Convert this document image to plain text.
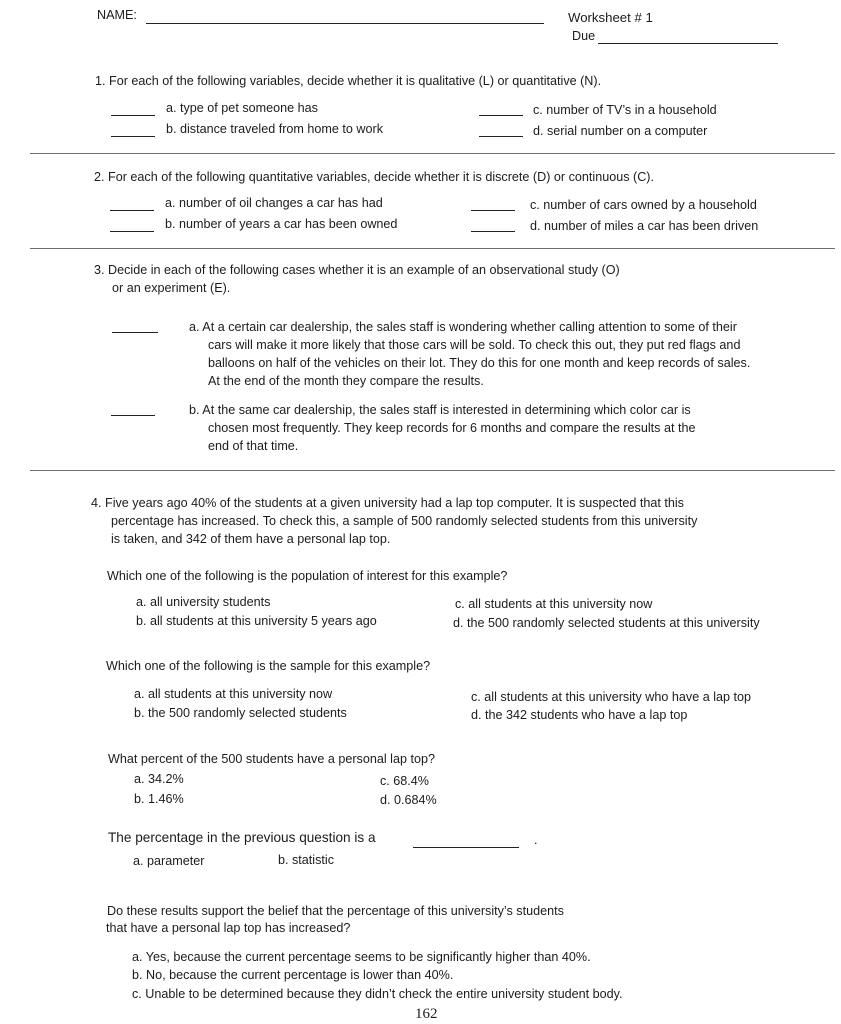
NAME:	Worksheet # 1
Due
1. For each of the following variables, decide whether it is qualitative (L) or quantitative (N).
a. type of pet someone has
b. distance traveled from home to work
c. number of TV’s in a household
d. serial number on a computer
2. For each of the following quantitative variables, decide whether it is discrete (D) or continuous (C).
a. number of oil changes a car has had
b. number of years a car has been owned
c. number of cars owned by a household
d. number of miles a car has been driven
3. Decide in each of the following cases whether it is an example of an observational study (O)
or an experiment (E).
a. At a certain car dealership, the sales staff is wondering whether calling attention to some of their
cars will make it more likely that those cars will be sold. To check this out, they put red flags and
balloons on half of the vehicles on their lot. They do this for one month and keep records of sales.
At the end of the month they compare the results.
b. At the same car dealership, the sales staff is interested in determining which color car is
chosen most frequently. They keep records for 6 months and compare the results at the
end of that time.
4. Five years ago 40% of the students at a given university had a lap top computer. It is suspected that this
percentage has increased. To check this, a sample of 500 randomly selected students from this university
is taken, and 342 of them have a personal lap top.
Which one of the following is the population of interest for this example?
a. all university students
b. all students at this university 5 years ago
c. all students at this university now
d. the 500 randomly selected students at this university
Which one of the following is the sample for this example?
a. all students at this university now
b. the 500 randomly selected students
c. all students at this university who have a lap top
d. the 342 students who have a lap top
What percent of the 500 students have a personal lap top?
a. 34.2%
b. 1.46%
c. 68.4%
d. 0.684%
The percentage in the previous question is a	.
a. parameter	b. statistic
Do these results support the belief that the percentage of this university’s students
that have a personal lap top has increased?
a. Yes, because the current percentage seems to be significantly higher than 40%.
b. No, because the current percentage is lower than 40%.
c. Unable to be determined because they didn’t check the entire university student body.
162
